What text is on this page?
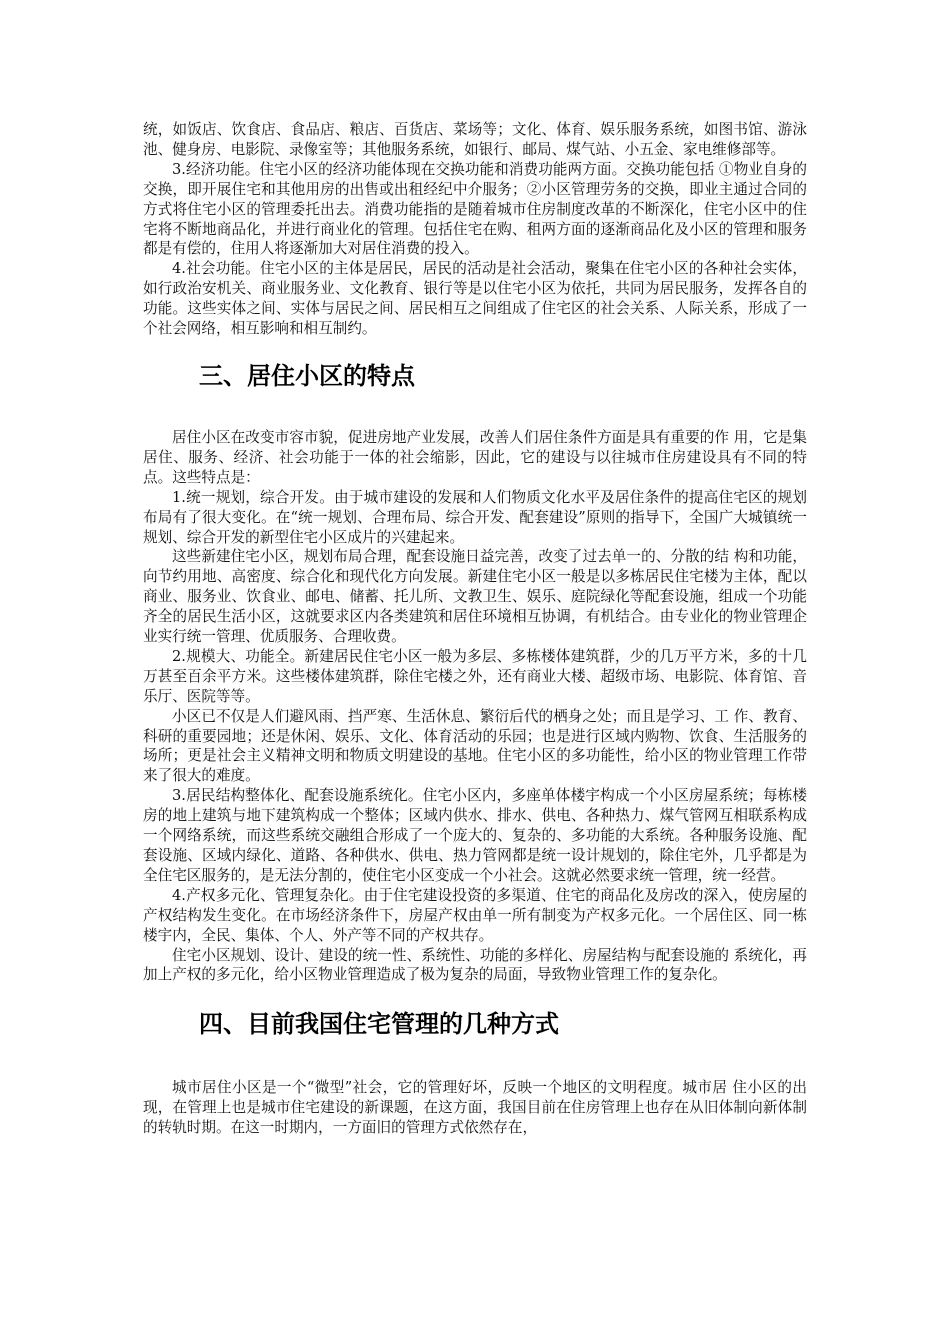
统，如饭店、饮食店、食品店、粮店、百货店、菜场等；文化、体育、娱乐服务系统，如图书馆、游泳池、健身房、电影院、录像室等；其他服务系统，如银行、邮局、煤气站、小五金、家电维修部等。

3.经济功能。住宅小区的经济功能体现在交换功能和消费功能两方面。交换功能包括 ①物业自身的交换，即开展住宅和其他用房的出售或出租经纪中介服务；②小区管理劳务的交换，即业主通过合同的方式将住宅小区的管理委托出去。消费功能指的是随着城市住房制度改革的不断深化，住宅小区中的住宅将不断地商品化，并进行商业化的管理。包括住宅在购、租两方面的逐渐商品化及小区的管理和服务都是有偿的，住用人将逐渐加大对居住消费的投入。

4.社会功能。住宅小区的主体是居民，居民的活动是社会活动，聚集在住宅小区的各种社会实体，如行政治安机关、商业服务业、文化教育、银行等是以住宅小区为依托，共同为居民服务，发挥各自的功能。这些实体之间、实体与居民之间、居民相互之间组成了住宅区的社会关系、人际关系，形成了一个社会网络，相互影响和相互制约。

三、居住小区的特点

居住小区在改变市容市貌，促进房地产业发展，改善人们居住条件方面是具有重要的作 用，它是集居住、服务、经济、社会功能于一体的社会缩影，因此，它的建设与以往城市住房建设具有不同的特点。这些特点是：

1.统一规划，综合开发。由于城市建设的发展和人们物质文化水平及居住条件的提高住宅区的规划布局有了很大变化。在“统一规划、合理布局、综合开发、配套建设”原则的指导下，全国广大城镇统一规划、综合开发的新型住宅小区成片的兴建起来。

这些新建住宅小区，规划布局合理，配套设施日益完善，改变了过去单一的、分散的结 构和功能，向节约用地、高密度、综合化和现代化方向发展。新建住宅小区一般是以多栋居民住宅楼为主体，配以商业、服务业、饮食业、邮电、储蓄、托儿所、文教卫生、娱乐、庭院绿化等配套设施，组成一个功能齐全的居民生活小区，这就要求区内各类建筑和居住环境相互协调，有机结合。由专业化的物业管理企业实行统一管理、优质服务、合理收费。

2.规模大、功能全。新建居民住宅小区一般为多层、多栋楼体建筑群，少的几万平方米，多的十几万甚至百余平方米。这些楼体建筑群，除住宅楼之外，还有商业大楼、超级市场、电影院、体育馆、音乐厅、医院等等。

小区已不仅是人们避风雨、挡严寒、生活休息、繁衍后代的栖身之处；而且是学习、工 作、教育、科研的重要园地；还是休闲、娱乐、文化、体育活动的乐园；也是进行区域内购物、饮食、生活服务的场所；更是社会主义精神文明和物质文明建设的基地。住宅小区的多功能性，给小区的物业管理工作带来了很大的难度。

3.居民结构整体化、配套设施系统化。住宅小区内，多座单体楼宇构成一个小区房屋系统；每栋楼房的地上建筑与地下建筑构成一个整体；区域内供水、排水、供电、各种热力、煤气管网互相联系构成一个网络系统，而这些系统交融组合形成了一个庞大的、复杂的、多功能的大系统。各种服务设施、配套设施、区域内绿化、道路、各种供水、供电、热力管网都是统一设计规划的，除住宅外，几乎都是为全住宅区服务的，是无法分割的，使住宅小区变成一个小社会。这就必然要求统一管理，统一经营。

4.产权多元化、管理复杂化。由于住宅建设投资的多渠道、住宅的商品化及房改的深入，使房屋的产权结构发生变化。在市场经济条件下，房屋产权由单一所有制变为产权多元化。一个居住区、同一栋楼宇内，全民、集体、个人、外产等不同的产权共存。

住宅小区规划、设计、建设的统一性、系统性、功能的多样化、房屋结构与配套设施的 系统化，再加上产权的多元化，给小区物业管理造成了极为复杂的局面，导致物业管理工作的复杂化。

四、目前我国住宅管理的几种方式

城市居住小区是一个“微型”社会，它的管理好坏，反映一个地区的文明程度。城市居 住小区的出现，在管理上也是城市住宅建设的新课题，在这方面，我国目前在住房管理上也存在从旧体制向新体制的转轨时期。在这一时期内，一方面旧的管理方式依然存在，
